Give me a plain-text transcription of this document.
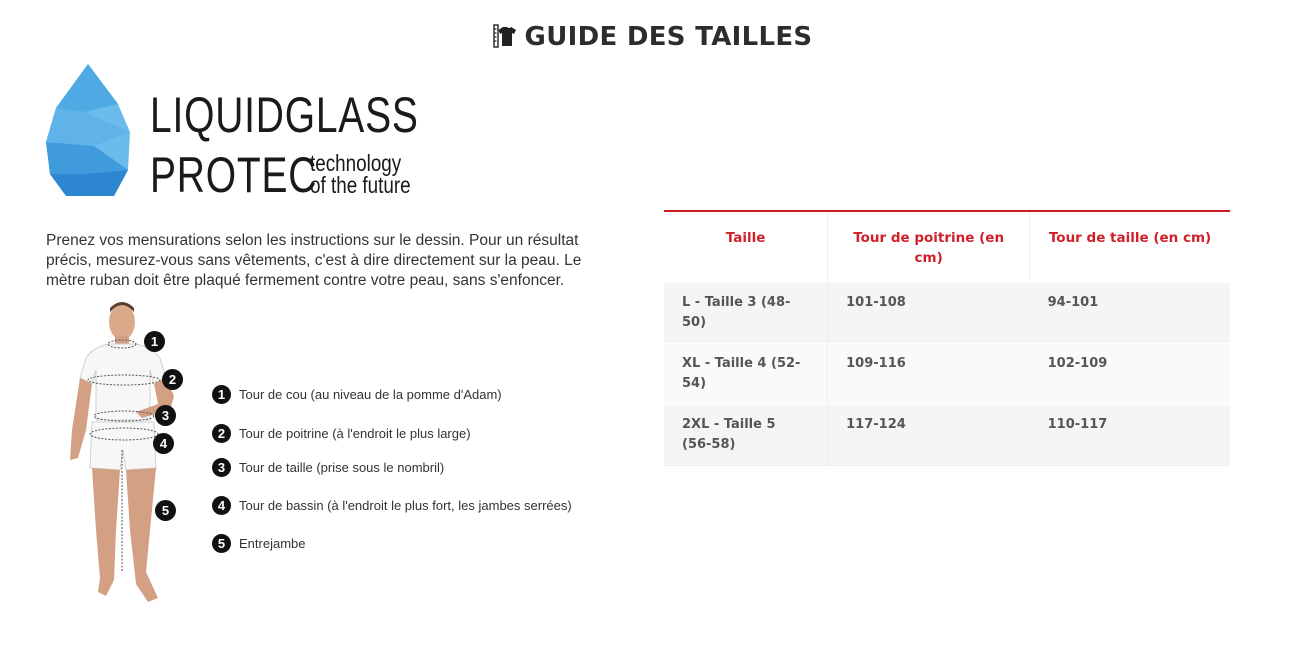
GUIDE DES TAILLES
LIQUIDGLASS
PROTEC
technology
of the future
Prenez vos mensurations selon les instructions sur le dessin. Pour un résultat précis, mesurez-vous sans vêtements, c'est à dire directement sur la peau. Le mètre ruban doit être plaqué fermement contre votre peau, sans s'enfoncer.
1
2
3
4
5
1	Tour de cou (au niveau de la pomme d'Adam)
2	Tour de poitrine (à l'endroit le plus large)
3	Tour de taille (prise sous le nombril)
4	Tour de bassin (à l'endroit le plus fort, les jambes serrées)
5	Entrejambe
Taille	Tour de poitrine (en cm)	Tour de taille (en cm)
L - Taille 3 (48-50)	101-108	94-101
XL - Taille 4 (52-54)	109-116	102-109
2XL - Taille 5 (56-58)	117-124	110-117
